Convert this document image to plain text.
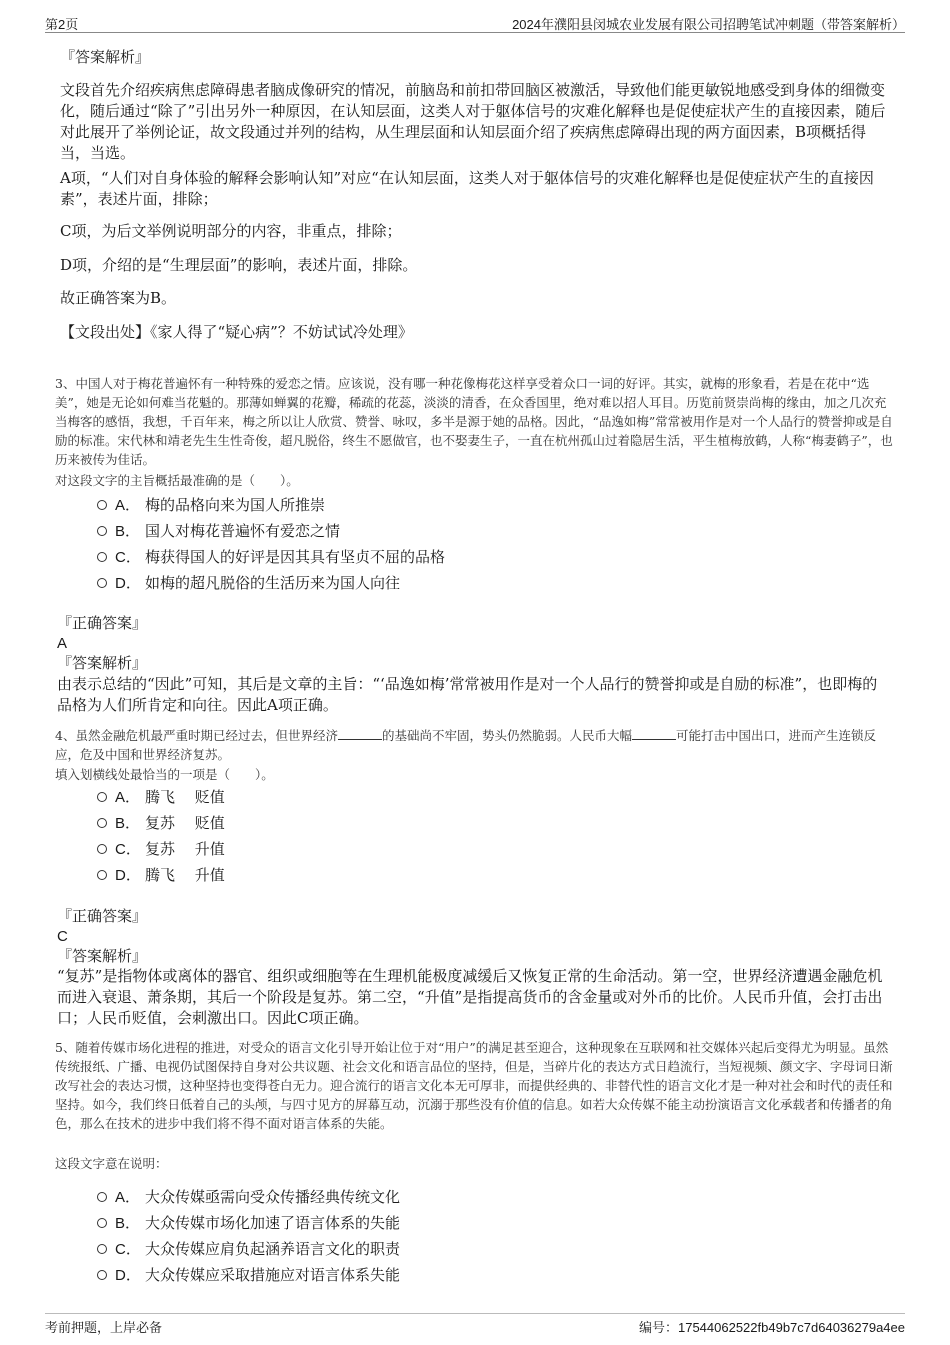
第2页	2024年濮阳县闵城农业发展有限公司招聘笔试冲刺题（带答案解析）
『答案解析』
文段首先介绍疾病焦虑障碍患者脑成像研究的情况，前脑岛和前扣带回脑区被激活，导致他们能更敏锐地感受到身体的细微变化，随后通过“除了”引出另外一种原因，在认知层面，这类人对于躯体信号的灾难化解释也是促使症状产生的直接因素，随后对此展开了举例论证，故文段通过并列的结构，从生理层面和认知层面介绍了疾病焦虑障碍出现的两方面因素，B项概括得当，当选。
A项，“人们对自身体验的解释会影响认知”对应“在认知层面，这类人对于躯体信号的灾难化解释也是促使症状产生的直接因素”，表述片面，排除；
C项，为后文举例说明部分的内容，非重点，排除；
D项，介绍的是“生理层面”的影响，表述片面，排除。
故正确答案为B。
【文段出处】《家人得了“疑心病”？不妨试试冷处理》
3、中国人对于梅花普遍怀有一种特殊的爱恋之情。应该说，没有哪一种花像梅花这样享受着众口一词的好评。其实，就梅的形象看，若是在花中“选美”，她是无论如何难当花魁的。那薄如蝉翼的花瓣，稀疏的花蕊，淡淡的清香，在众香国里，绝对难以招人耳目。历览前贤崇尚梅的缘由，加之几次充当梅客的感悟，我想，千百年来，梅之所以让人欣赏、赞誉、咏叹，多半是源于她的品格。因此，“品逸如梅”常常被用作是对一个人品行的赞誉抑或是自励的标准。宋代林和靖老先生生性奇俊，超凡脱俗，终生不愿做官，也不娶妻生子，一直在杭州孤山过着隐居生活，平生植梅放鹤，人称“梅妻鹤子”，也历来被传为佳话。
对这段文字的主旨概括最准确的是（　　）。
A． 梅的品格向来为国人所推崇
B． 国人对梅花普遍怀有爱恋之情
C． 梅获得国人的好评是因其具有坚贞不屈的品格
D． 如梅的超凡脱俗的生活历来为国人向往
『正确答案』
A
『答案解析』
由表示总结的“因此”可知，其后是文章的主旨：“‘品逸如梅’常常被用作是对一个人品行的赞誉抑或是自励的标准”，也即梅的品格为人们所肯定和向往。因此A项正确。
4、虽然金融危机最严重时期已经过去，但世界经济	的基础尚不牢固，势头仍然脆弱。人民币大幅	可能打击中国出口，进而产生连锁反应，危及中国和世界经济复苏。
填入划横线处最恰当的一项是（　　）。
A． 腾飞　 贬值
B． 复苏　 贬值
C． 复苏　 升值
D． 腾飞　 升值
『正确答案』
C
『答案解析』
“复苏”是指物体或离体的器官、组织或细胞等在生理机能极度减缓后又恢复正常的生命活动。第一空，世界经济遭遇金融危机而进入衰退、萧条期，其后一个阶段是复苏。第二空，“升值”是指提高货币的含金量或对外币的比价。人民币升值，会打击出口；人民币贬值，会刺激出口。因此C项正确。
5、随着传媒市场化进程的推进，对受众的语言文化引导开始让位于对“用户”的满足甚至迎合，这种现象在互联网和社交媒体兴起后变得尤为明显。虽然传统报纸、广播、电视仍试图保持自身对公共议题、社会文化和语言品位的坚持，但是，当碎片化的表达方式日趋流行，当短视频、颜文字、字母词日渐改写社会的表达习惯，这种坚持也变得苍白无力。迎合流行的语言文化本无可厚非，而提供经典的、非替代性的语言文化才是一种对社会和时代的责任和坚持。如今，我们终日低着自己的头颅，与四寸见方的屏幕互动，沉溺于那些没有价值的信息。如若大众传媒不能主动扮演语言文化承载者和传播者的角色，那么在技术的进步中我们将不得不面对语言体系的失能。
这段文字意在说明：
A． 大众传媒亟需向受众传播经典传统文化
B． 大众传媒市场化加速了语言体系的失能
C． 大众传媒应肩负起涵养语言文化的职责
D． 大众传媒应采取措施应对语言体系失能
考前押题，上岸必备	编号：17544062522fb49b7c7d64036279a4ee
